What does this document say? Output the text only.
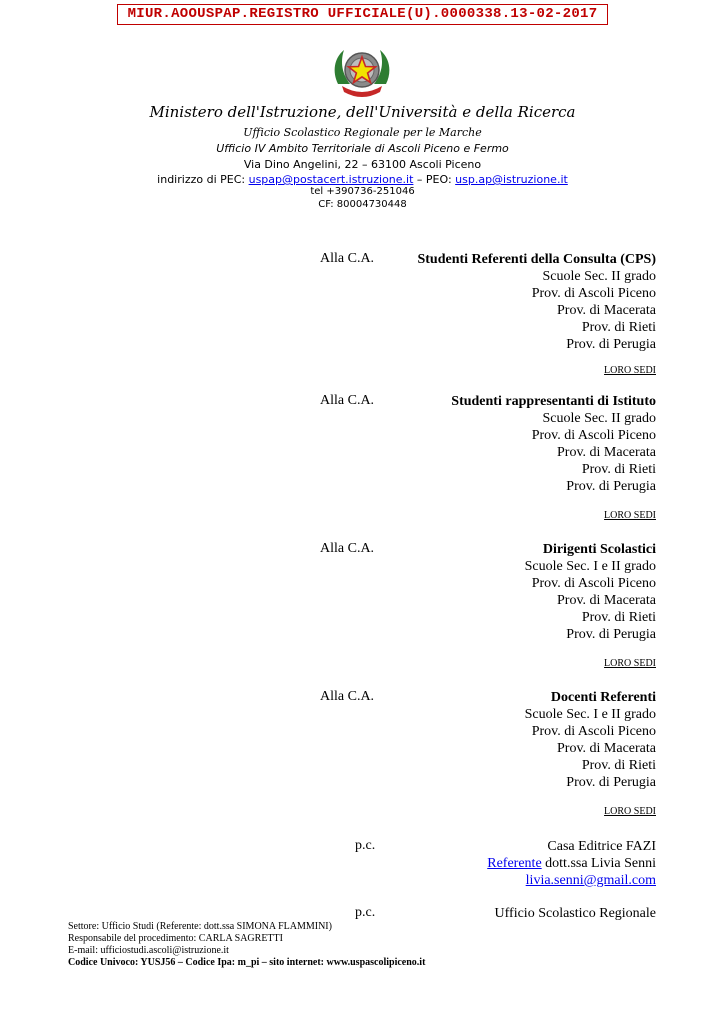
MIUR.AOOUSPAP.REGISTRO UFFICIALE(U).0000338.13-02-2017
Ministero dell'Istruzione, dell'Università e della Ricerca
Ufficio Scolastico Regionale per le Marche
Ufficio IV Ambito Territoriale di Ascoli Piceno e Fermo
Via Dino Angelini, 22 – 63100 Ascoli Piceno
indirizzo di PEC: uspap@postacert.istruzione.it – PEO: usp.ap@istruzione.it
tel +390736-251046
CF: 80004730448
Alla C.A.	Studenti Referenti della Consulta (CPS)
Scuole Sec. II grado
Prov. di Ascoli Piceno
Prov. di Macerata
Prov. di Rieti
Prov. di Perugia
LORO SEDI
Alla C.A.	Studenti rappresentanti di Istituto
Scuole Sec. II grado
Prov. di Ascoli Piceno
Prov. di Macerata
Prov. di Rieti
Prov. di Perugia
LORO SEDI
Alla C.A.	Dirigenti Scolastici
Scuole Sec. I e II grado
Prov. di Ascoli Piceno
Prov. di Macerata
Prov. di Rieti
Prov. di Perugia
LORO SEDI
Alla C.A.	Docenti Referenti
Scuole Sec. I e II grado
Prov. di Ascoli Piceno
Prov. di Macerata
Prov. di Rieti
Prov. di Perugia
LORO SEDI
p.c.	Casa Editrice FAZI
Referente dott.ssa Livia Senni
livia.senni@gmail.com
p.c.	Ufficio Scolastico Regionale
Settore: Ufficio Studi (Referente: dott.ssa SIMONA FLAMMINI)
Responsabile del procedimento: CARLA SAGRETTI
E-mail: ufficiostudi.ascoli@istruzione.it
Codice Univoco: YUSJ56 – Codice Ipa: m_pi – sito internet: www.uspascolipiceno.it
